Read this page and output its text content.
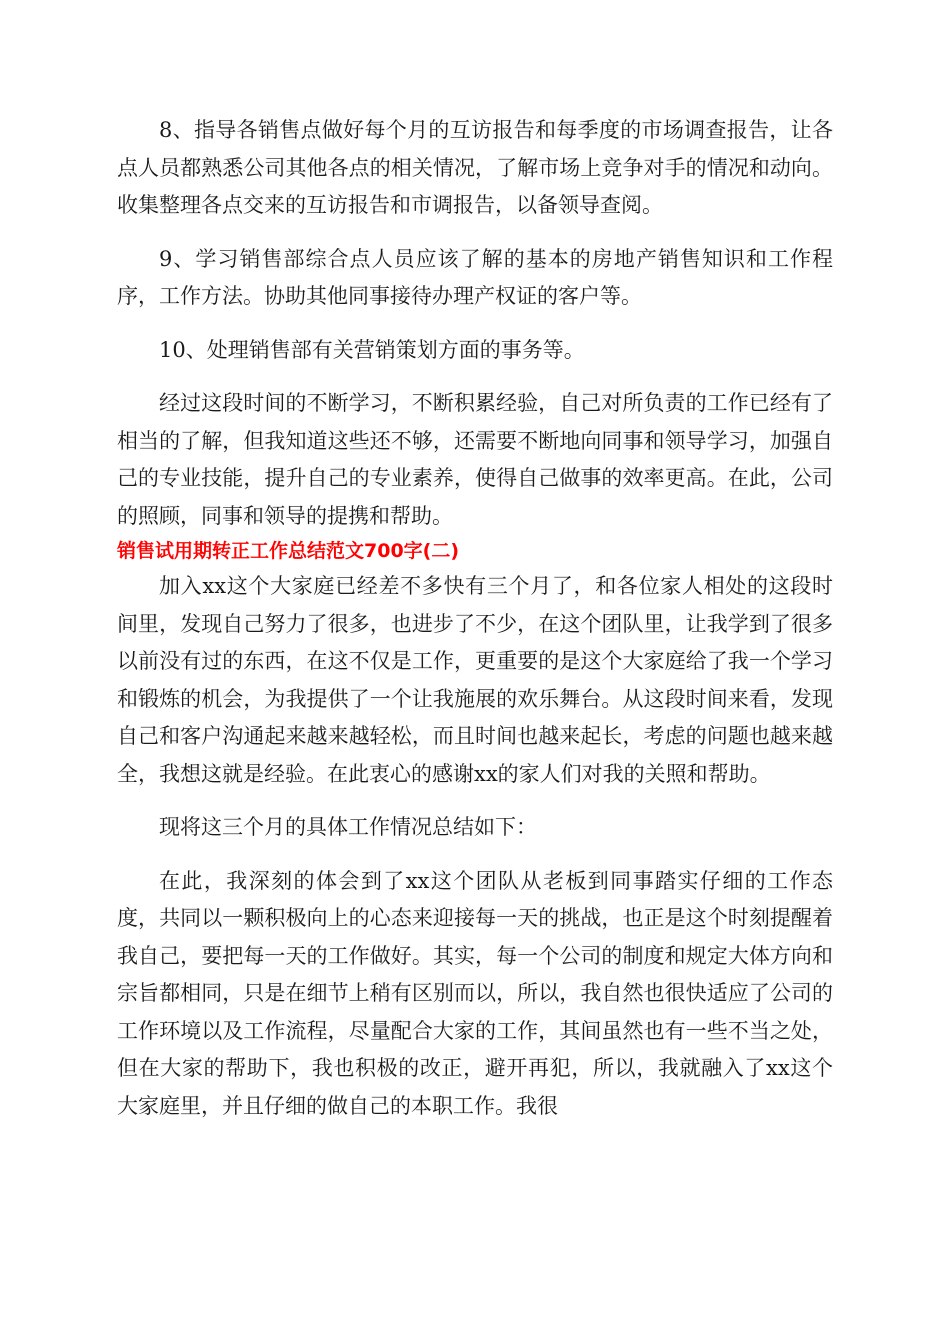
8、指导各销售点做好每个月的互访报告和每季度的市场调查报告，让各点人员都熟悉公司其他各点的相关情况，了解市场上竞争对手的情况和动向。收集整理各点交来的互访报告和市调报告，以备领导查阅。

9、学习销售部综合点人员应该了解的基本的房地产销售知识和工作程序，工作方法。协助其他同事接待办理产权证的客户等。

10、处理销售部有关营销策划方面的事务等。

经过这段时间的不断学习，不断积累经验，自己对所负责的工作已经有了相当的了解，但我知道这些还不够，还需要不断地向同事和领导学习，加强自己的专业技能，提升自己的专业素养，使得自己做事的效率更高。在此，公司的照顾，同事和领导的提携和帮助。

销售试用期转正工作总结范文700字(二)

加入xx这个大家庭已经差不多快有三个月了，和各位家人相处的这段时间里，发现自己努力了很多，也进步了不少，在这个团队里，让我学到了很多以前没有过的东西，在这不仅是工作，更重要的是这个大家庭给了我一个学习和锻炼的机会，为我提供了一个让我施展的欢乐舞台。从这段时间来看，发现自己和客户沟通起来越来越轻松，而且时间也越来起长，考虑的问题也越来越全，我想这就是经验。在此衷心的感谢xx的家人们对我的关照和帮助。

现将这三个月的具体工作情况总结如下：

在此，我深刻的体会到了xx这个团队从老板到同事踏实仔细的工作态度，共同以一颗积极向上的心态来迎接每一天的挑战，也正是这个时刻提醒着我自己，要把每一天的工作做好。其实，每一个公司的制度和规定大体方向和宗旨都相同，只是在细节上稍有区别而以，所以，我自然也很快适应了公司的工作环境以及工作流程，尽量配合大家的工作，其间虽然也有一些不当之处，但在大家的帮助下，我也积极的改正，避开再犯，所以，我就融入了xx这个大家庭里，并且仔细的做自己的本职工作。我很
